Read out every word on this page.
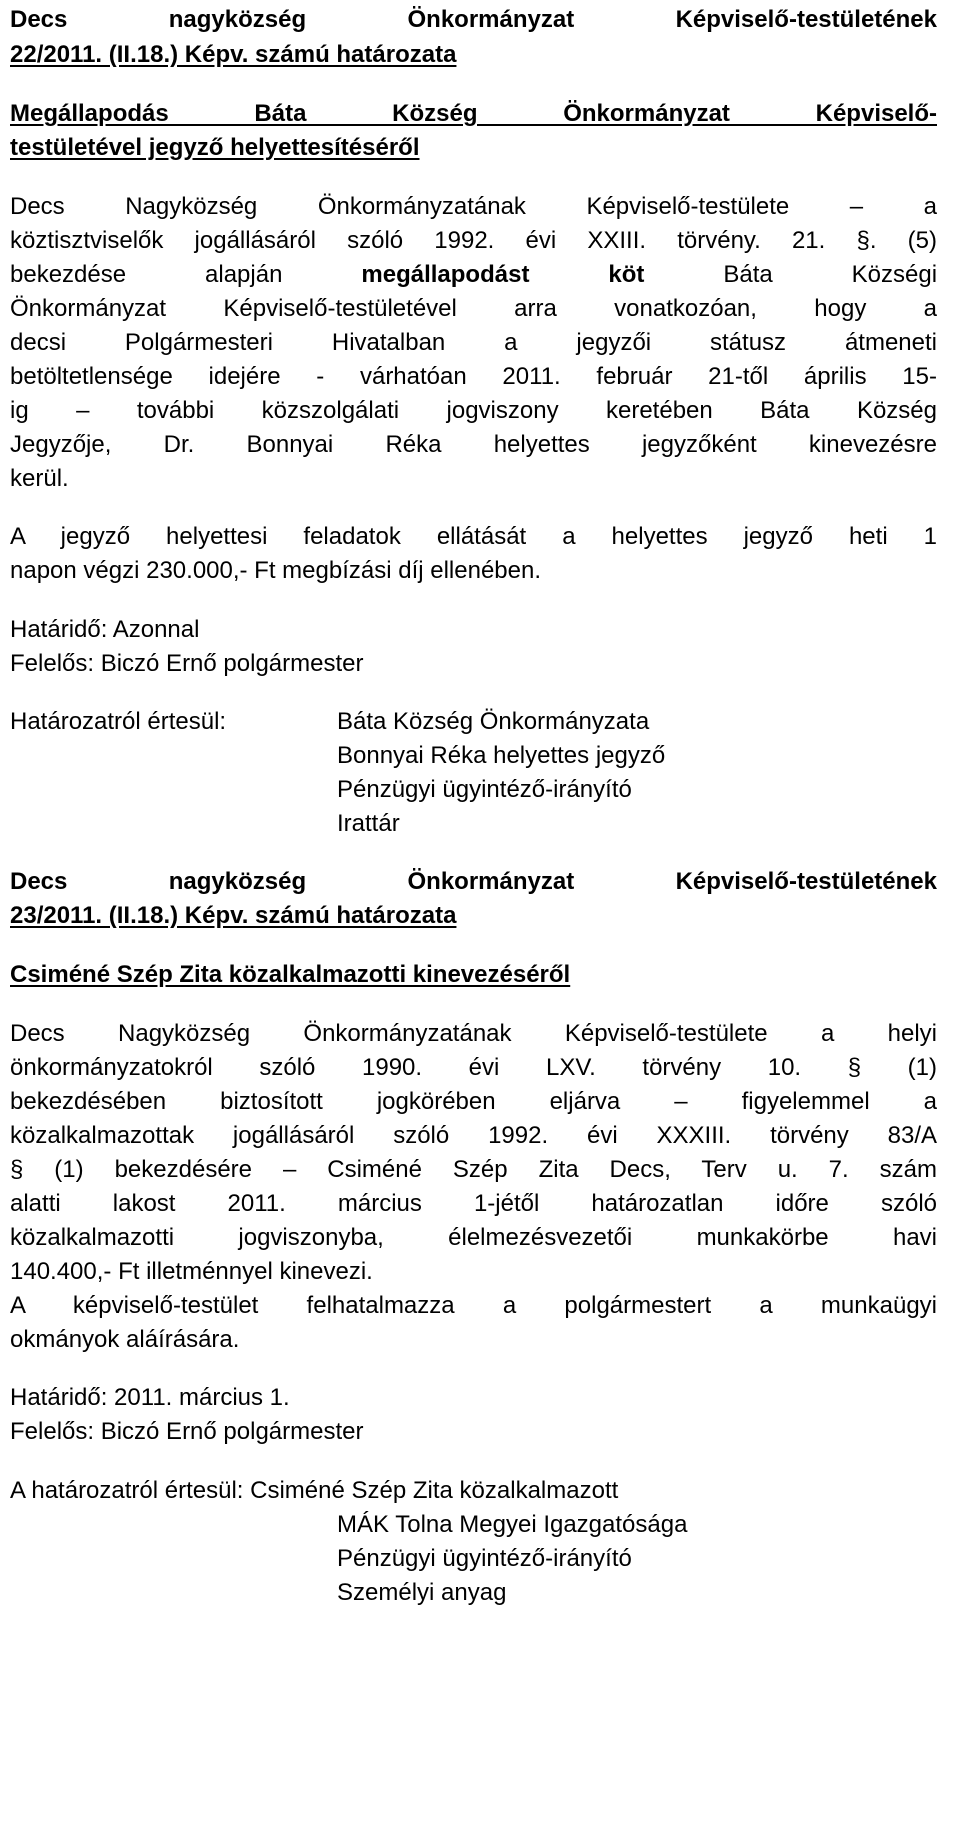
Decs nagyközség Önkormányzat Képviselő-testületének
22/2011. (II.18.) Képv. számú határozata
Megállapodás Báta Község Önkormányzat Képviselő-
testületével jegyző helyettesítéséről
Decs Nagyközség Önkormányzatának Képviselő-testülete – a
köztisztviselők jogállásáról szóló 1992. évi XXIII. törvény. 21. §. (5)
bekezdése alapján	megállapodást köt	Báta Községi
Önkormányzat Képviselő-testületével arra vonatkozóan, hogy a
decsi Polgármesteri Hivatalban a jegyzői státusz átmeneti
betöltetlensége idejére - várhatóan 2011. február 21-től április 15-
ig – további közszolgálati jogviszony keretében Báta Község
Jegyzője, Dr. Bonnyai Réka helyettes jegyzőként kinevezésre
kerül.
A jegyző helyettesi feladatok ellátását a helyettes jegyző heti 1
napon végzi 230.000,- Ft megbízási díj ellenében.
Határidő: Azonnal
Felelős: Biczó Ernő polgármester
Határozatról értesül:	Báta Község Önkormányzata
Bonnyai Réka helyettes jegyző
Pénzügyi ügyintéző-irányító
Irattár
Decs nagyközség Önkormányzat Képviselő-testületének
23/2011. (II.18.) Képv. számú határozata
Csiméné Szép Zita közalkalmazotti kinevezéséről
Decs Nagyközség Önkormányzatának Képviselő-testülete a helyi
önkormányzatokról szóló 1990. évi LXV. törvény 10. § (1)
bekezdésében biztosított jogkörében eljárva – figyelemmel a
közalkalmazottak jogállásáról szóló 1992. évi XXXIII. törvény 83/A
§ (1) bekezdésére – Csiméné Szép Zita Decs, Terv u. 7. szám
alatti lakost 2011. március 1-jétől határozatlan időre szóló
közalkalmazotti jogviszonyba, élelmezésvezetői munkakörbe havi
140.400,- Ft illetménnyel kinevezi.
A képviselő-testület felhatalmazza a polgármestert a munkaügyi
okmányok aláírására.
Határidő: 2011. március 1.
Felelős: Biczó Ernő polgármester
A határozatról értesül: Csiméné Szép Zita közalkalmazott
MÁK Tolna Megyei Igazgatósága
Pénzügyi ügyintéző-irányító
Személyi anyag
